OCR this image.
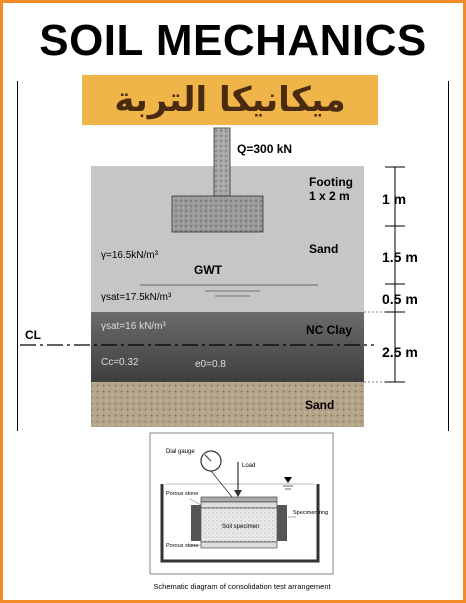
SOIL MECHANICS
ميكانيكا التربة
Q=300 kN
Footing
1 x 2 m
Sand
γ=16.5kN/m³
GWT
γsat=17.5kN/m³
NC Clay
γsat=16 kN/m³
Cc=0.32	e0=0.8
Sand
CL
1 m
1.5 m
0.5 m
2.5 m
Dial gauge
Load
Porous stone
Porous stone
Soil specimen
Specimen ring
Schematic diagram of consolidation test arrangement
